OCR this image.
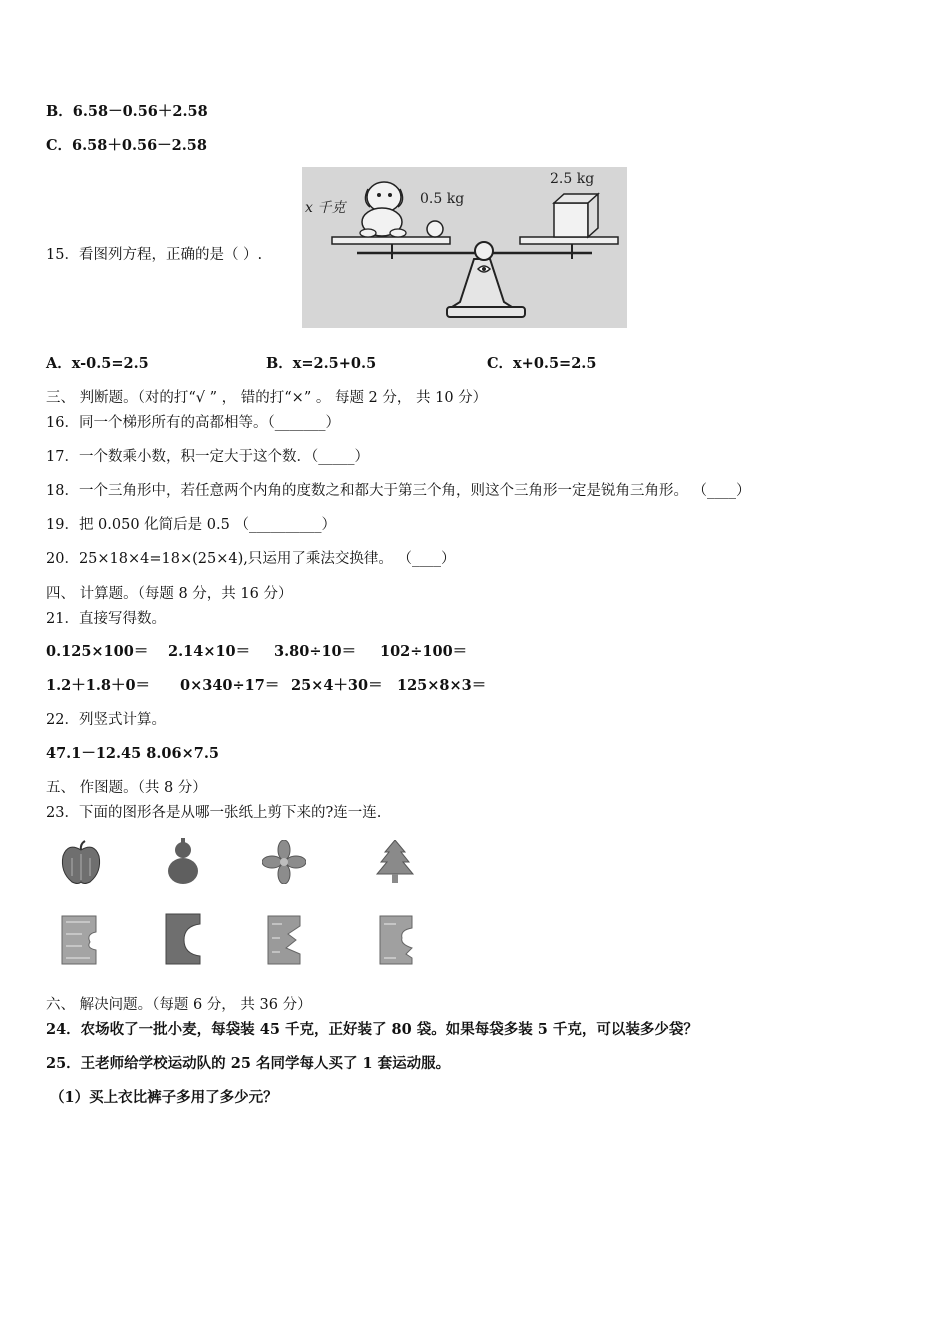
B．6.58－0.56＋2.58
C．6.58＋0.56－2.58
15．看图列方程，正确的是（ ）.
x 千克
0.5 kg
2.5 kg
A．x-0.5=2.5	B．x=2.5+0.5	C．x+0.5=2.5
三、 判断题。（对的打“√ ” ， 错的打“×” 。 每题 2 分， 共 10 分）
16．同一个梯形所有的高都相等。（_______）
17．一个数乘小数，积一定大于这个数．（_____）
18．一个三角形中，若任意两个内角的度数之和都大于第三个角，则这个三角形一定是锐角三角形。 （____）
19．把 0.050 化简后是 0.5 （__________）
20．25×18×4=18×(25×4),只运用了乘法交换律。 （____）
四、 计算题。（每题 8 分，共 16 分）
21．直接写得数。
0.125×100＝ 2.14×10＝ 3.80÷10＝ 102÷100＝
1.2＋1.8＋0＝ 0×340÷17＝ 25×4＋30＝ 125×8×3＝
22．列竖式计算。
47.1－12.45 8.06×7.5
五、 作图题。（共 8 分）
23．下面的图形各是从哪一张纸上剪下来的?连一连.
六、 解决问题。（每题 6 分， 共 36 分）
24．农场收了一批小麦，每袋装 45 千克，正好装了 80 袋。如果每袋多装 5 千克，可以装多少袋？
25．王老师给学校运动队的 25 名同学每人买了 1 套运动服。
（1）买上衣比裤子多用了多少元？
